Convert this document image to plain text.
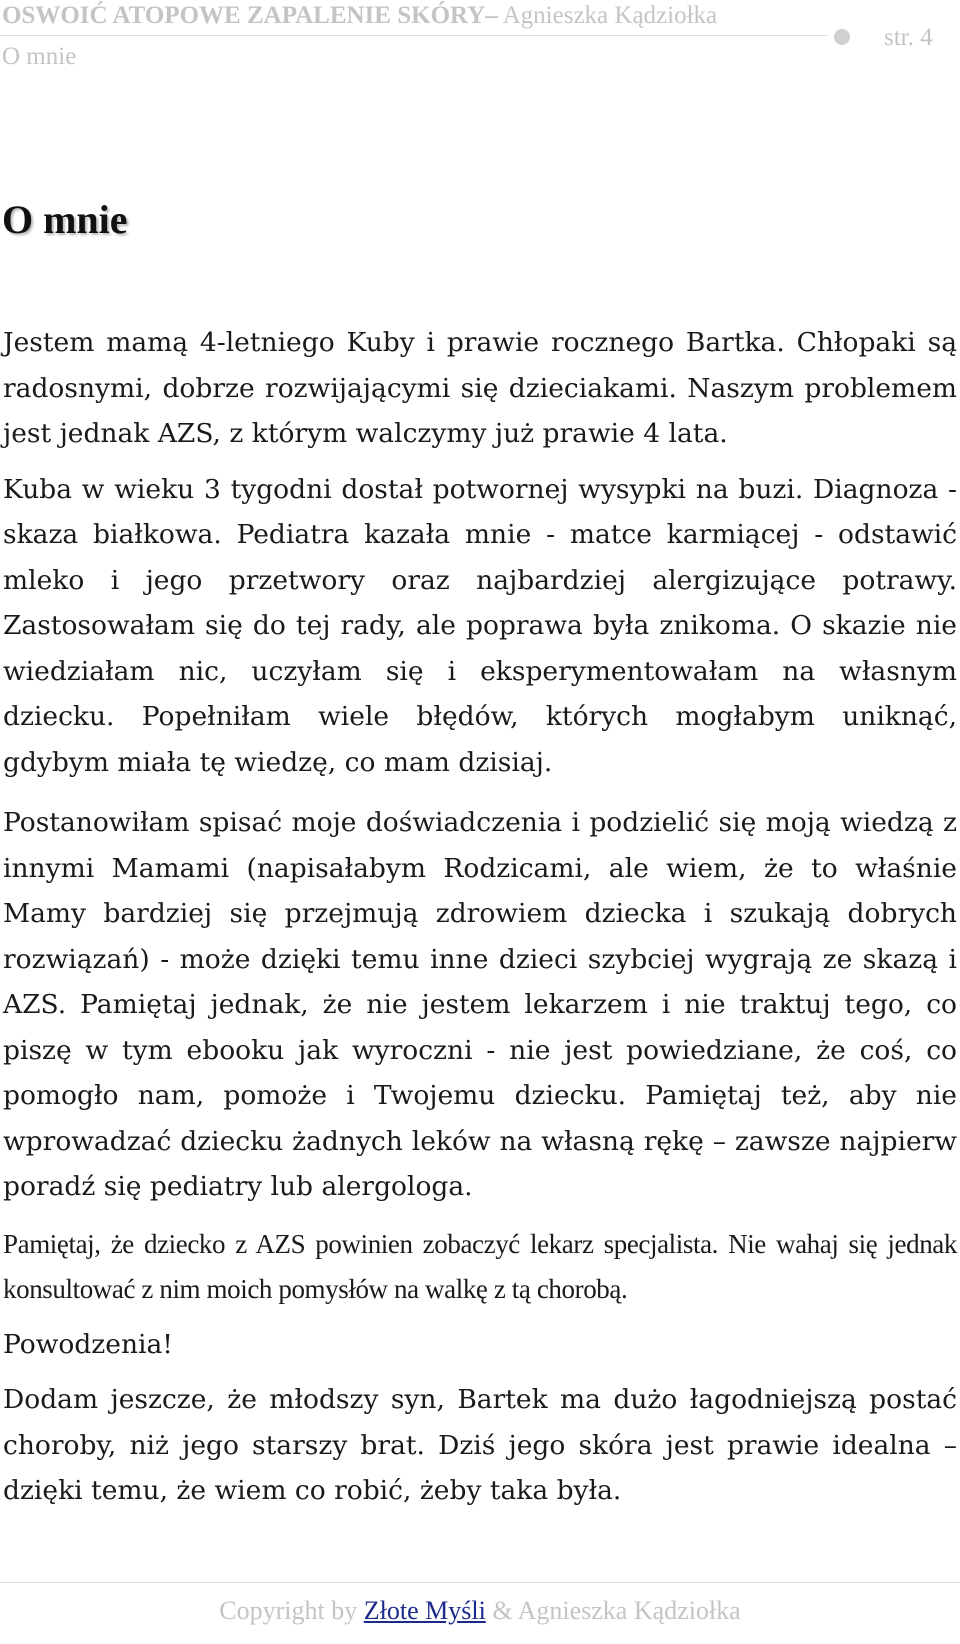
OSWOIĆ ATOPOWE ZAPALENIE SKÓRY– Agnieszka Kądziołka
O mnie
str. 4
O mnie

Jestem mamą 4-letniego Kuby i prawie rocznego Bartka. Chłopaki są radosnymi, dobrze rozwijającymi się dzieciakami. Naszym problemem jest jednak AZS, z którym walczymy już prawie 4 lata.

Kuba w wieku 3 tygodni dostał potwornej wysypki na buzi. Diagnoza - skaza białkowa. Pediatra kazała mnie - matce karmiącej - odstawić mleko i jego przetwory oraz najbardziej alergizujące potrawy. Zastosowałam się do tej rady, ale poprawa była znikoma. O skazie nie wiedziałam nic, uczyłam się i eksperymentowałam na własnym dziecku. Popełniłam wiele błędów, których mogłabym uniknąć, gdybym miała tę wiedzę, co mam dzisiaj.

Postanowiłam spisać moje doświadczenia i podzielić się moją wiedzą z innymi Mamami (napisałabym Rodzicami, ale wiem, że to właśnie Mamy bardziej się przejmują zdrowiem dziecka i szukają dobrych rozwiązań) - może dzięki temu inne dzieci szybciej wygrają ze skazą i AZS. Pamiętaj jednak, że nie jestem lekarzem i nie traktuj tego, co piszę w tym ebooku jak wyroczni - nie jest powiedziane, że coś, co pomogło nam, pomoże i Twojemu dziecku. Pamiętaj też, aby nie wprowadzać dziecku żadnych leków na własną rękę – zawsze najpierw poradź się pediatry lub alergologa.

Pamiętaj, że dziecko z AZS powinien zobaczyć lekarz specjalista. Nie wahaj się jednak konsultować z nim moich pomysłów na walkę z tą chorobą.

Powodzenia!

Dodam jeszcze, że młodszy syn, Bartek ma dużo łagodniejszą postać choroby, niż jego starszy brat. Dziś jego skóra jest prawie idealna – dzięki temu, że wiem co robić, żeby taka była.

Copyright by Złote Myśli & Agnieszka Kądziołka
